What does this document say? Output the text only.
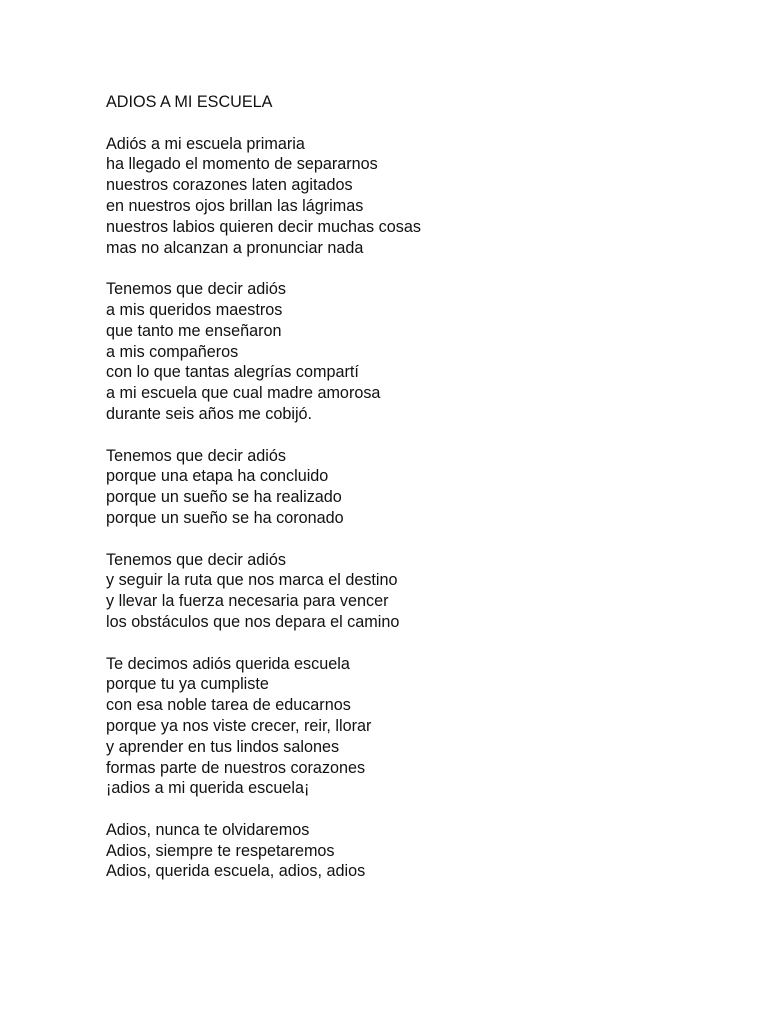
ADIOS A MI ESCUELA
Adiós a mi escuela primaria
ha llegado el momento de separarnos
nuestros corazones laten agitados
en nuestros ojos brillan las lágrimas
nuestros labios quieren decir muchas cosas
mas no alcanzan a pronunciar nada
Tenemos que decir adiós
a mis queridos maestros
que tanto me enseñaron
a mis compañeros
con lo que tantas alegrías compartí
a mi escuela que cual madre amorosa
durante seis años me cobijó.
Tenemos que decir adiós
porque una etapa ha concluido
porque un sueño se ha realizado
porque un sueño se ha coronado
Tenemos que decir adiós
y seguir la ruta que nos marca el destino
y llevar la fuerza necesaria para vencer
los obstáculos que nos depara el camino
Te decimos adiós querida escuela
porque tu ya cumpliste
con esa noble tarea de educarnos
porque ya nos viste crecer, reir, llorar
y aprender en tus lindos salones
formas parte de nuestros corazones
¡adios a mi querida escuela¡
Adios, nunca te olvidaremos
Adios, siempre te respetaremos
Adios, querida escuela, adios, adios
